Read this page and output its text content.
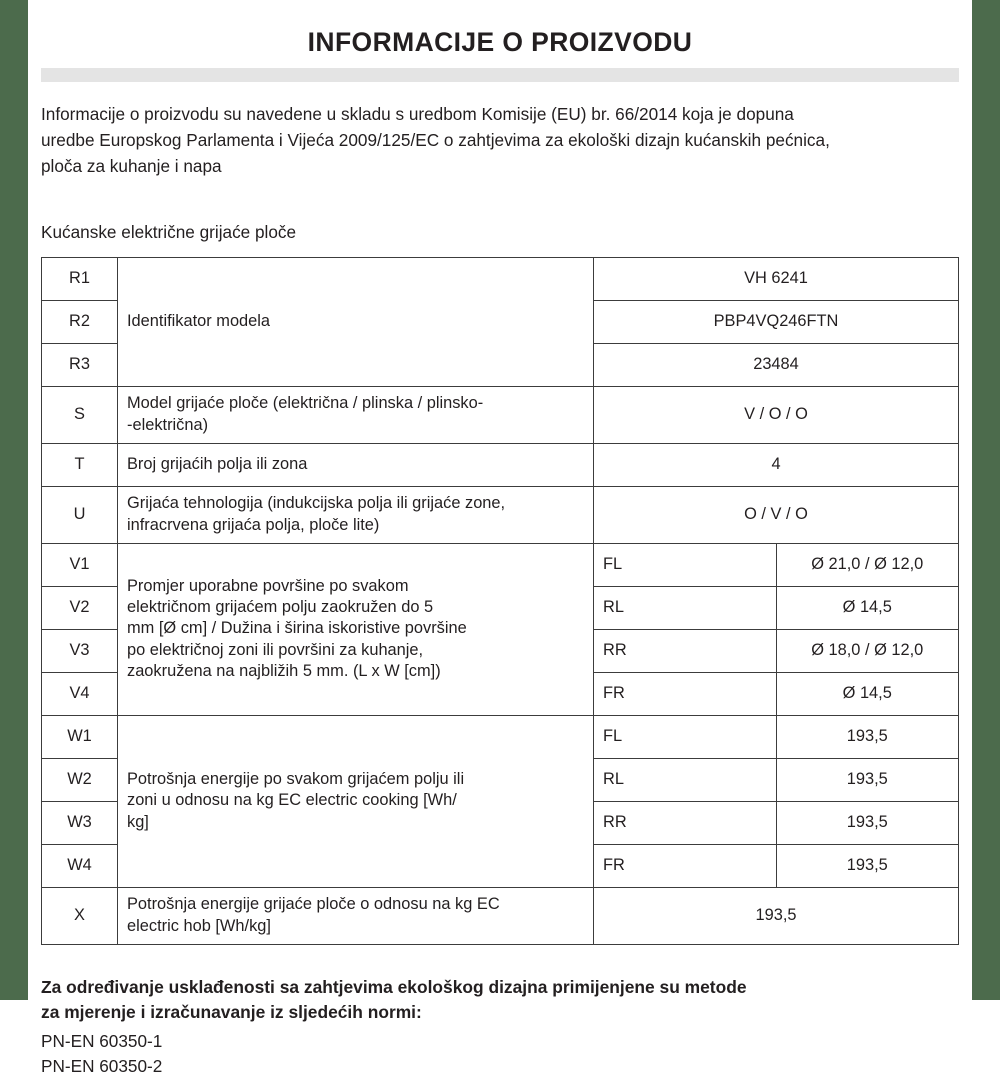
INFORMACIJE O PROIZVODU
Informacije o proizvodu su navedene u skladu s uredbom Komisije (EU) br. 66/2014 koja je dopuna
uredbe Europskog Parlamenta i Vijeća 2009/125/EC o zahtjevima za ekološki dizajn kućanskih pećnica,
ploča za kuhanje i napa
Kućanske električne grijaće ploče
R1	Identifikator modela	VH 6241	
R2		PBP4VQ246FTN	
R3		23484	
S	Model grijaće ploče (električna / plinska / plinsko-
-električna)	V / O / O	
T	Broj grijaćih polja ili zona	4	
U	Grijaća tehnologija (indukcijska polja ili grijaće zone,
infracrvena grijaća polja, ploče lite)	O / V / O	
V1	Promjer uporabne površine po svakom
električnom grijaćem polju zaokružen do 5
mm [Ø cm] / Dužina i širina iskoristive površine
po električnoj zoni ili površini za kuhanje,
zaokružena na najbližih 5 mm. (L x W [cm])	FL	Ø 21,0 / Ø 12,0
V2		RL	Ø 14,5
V3		RR	Ø 18,0 / Ø 12,0
V4		FR	Ø 14,5
W1	Potrošnja energije po svakom grijaćem polju ili
zoni u odnosu na kg EC electric cooking [Wh/
kg]	FL	193,5
W2		RL	193,5
W3		RR	193,5
W4		FR	193,5
X	Potrošnja energije grijaće ploče o odnosu na kg EC
electric hob [Wh/kg]	193,5	
Za određivanje usklađenosti sa zahtjevima ekološkog dizajna primijenjene su metode
za mjerenje i izračunavanje iz sljedećih normi:
PN-EN 60350-1
PN-EN 60350-2
